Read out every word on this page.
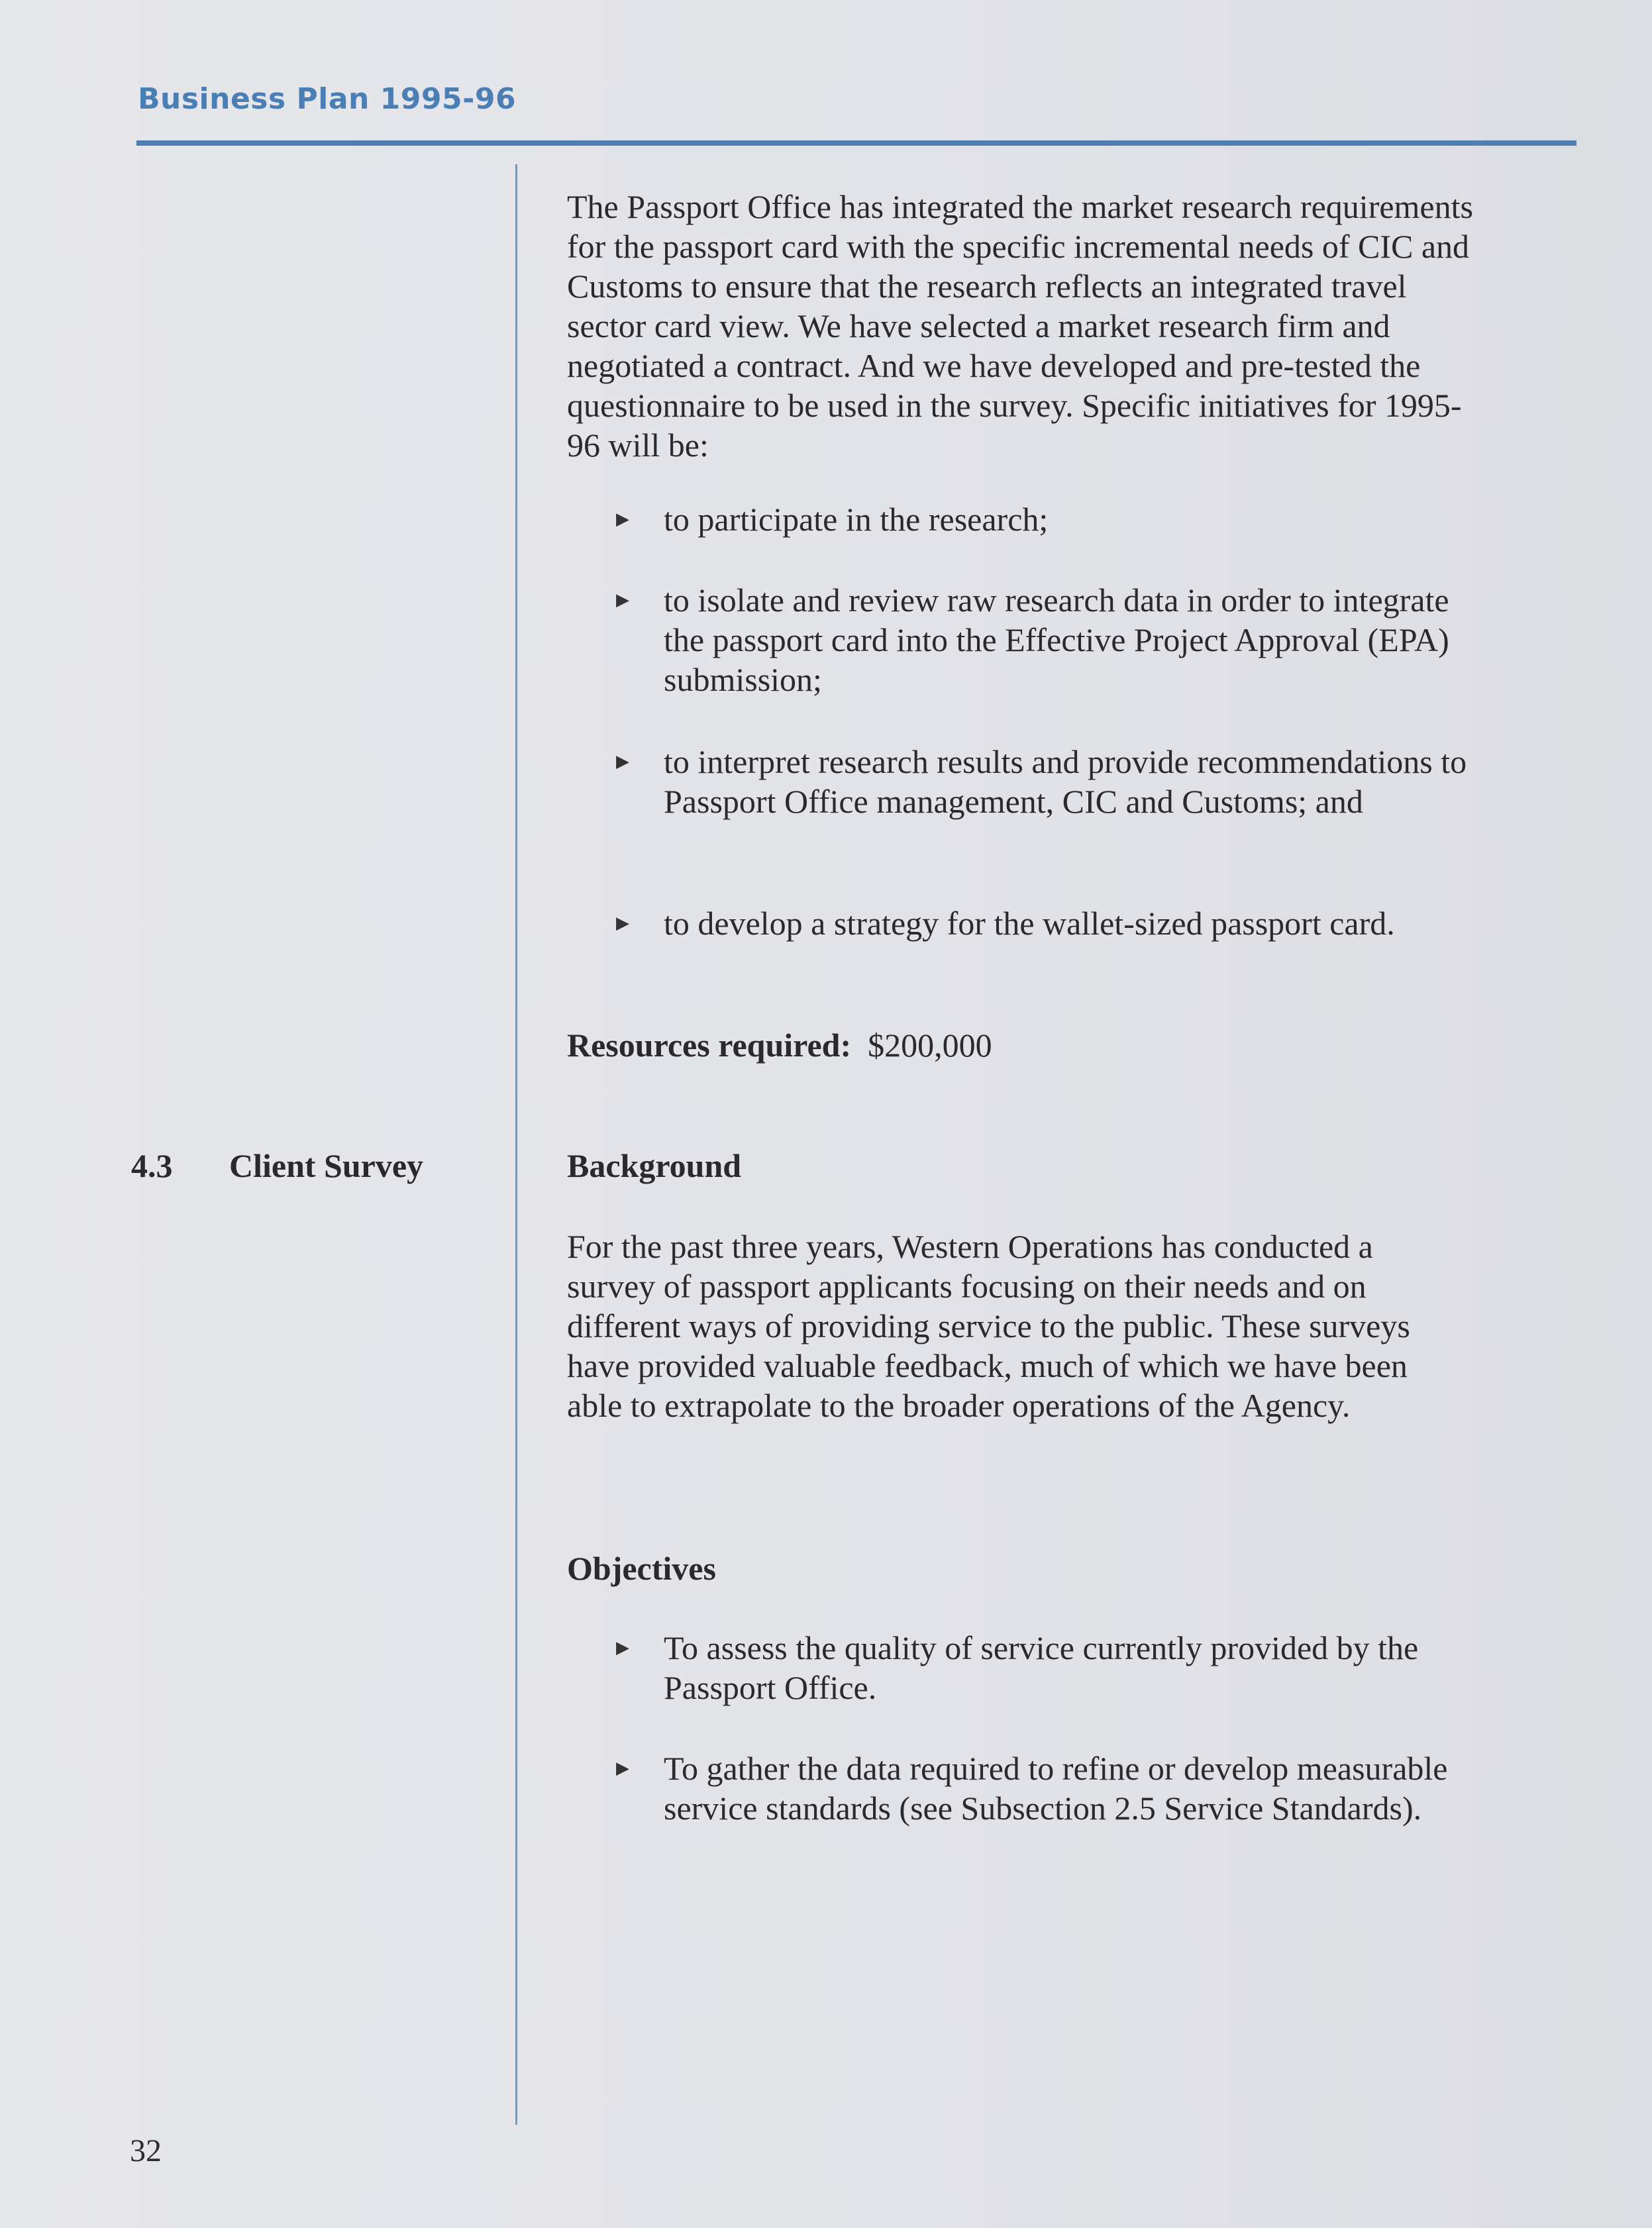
Business Plan 1995-96

The Passport Office has integrated the market research requirements for the passport card with the specific incremental needs of CIC and Customs to ensure that the research reflects an integrated travel sector card view. We have selected a market research firm and negotiated a contract. And we have developed and pre-tested the questionnaire to be used in the survey. Specific initiatives for 1995-96 will be:

▶ to participate in the research;
▶ to isolate and review raw research data in order to integrate the passport card into the Effective Project Approval (EPA) submission;
▶ to interpret research results and provide recommendations to Passport Office management, CIC and Customs; and
▶ to develop a strategy for the wallet-sized passport card.
Resources required: $200,000
4.3 Client Survey	Background

For the past three years, Western Operations has conducted a survey of passport applicants focusing on their needs and on different ways of providing service to the public. These surveys have provided valuable feedback, much of which we have been able to extrapolate to the broader operations of the Agency.

Objectives
▶ To assess the quality of service currently provided by the Passport Office.
▶ To gather the data required to refine or develop measurable service standards (see Subsection 2.5 Service Standards).
32
